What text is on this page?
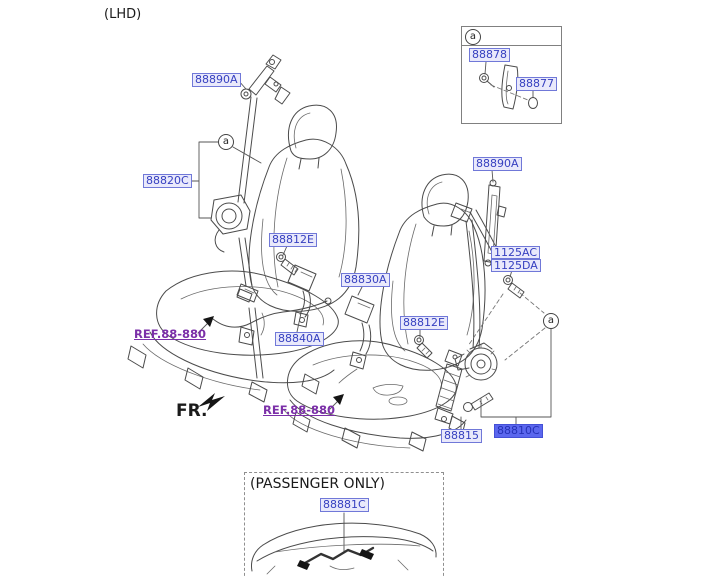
(LHD)
FR.
a
a
88890A
88820C
88812E
88830A
88812E
88840A
88890A
1125AC
1125DA
88815 88810C
REF.88-880
REF.88-880
a
88878
88877
(PASSENGER ONLY)
88881C
